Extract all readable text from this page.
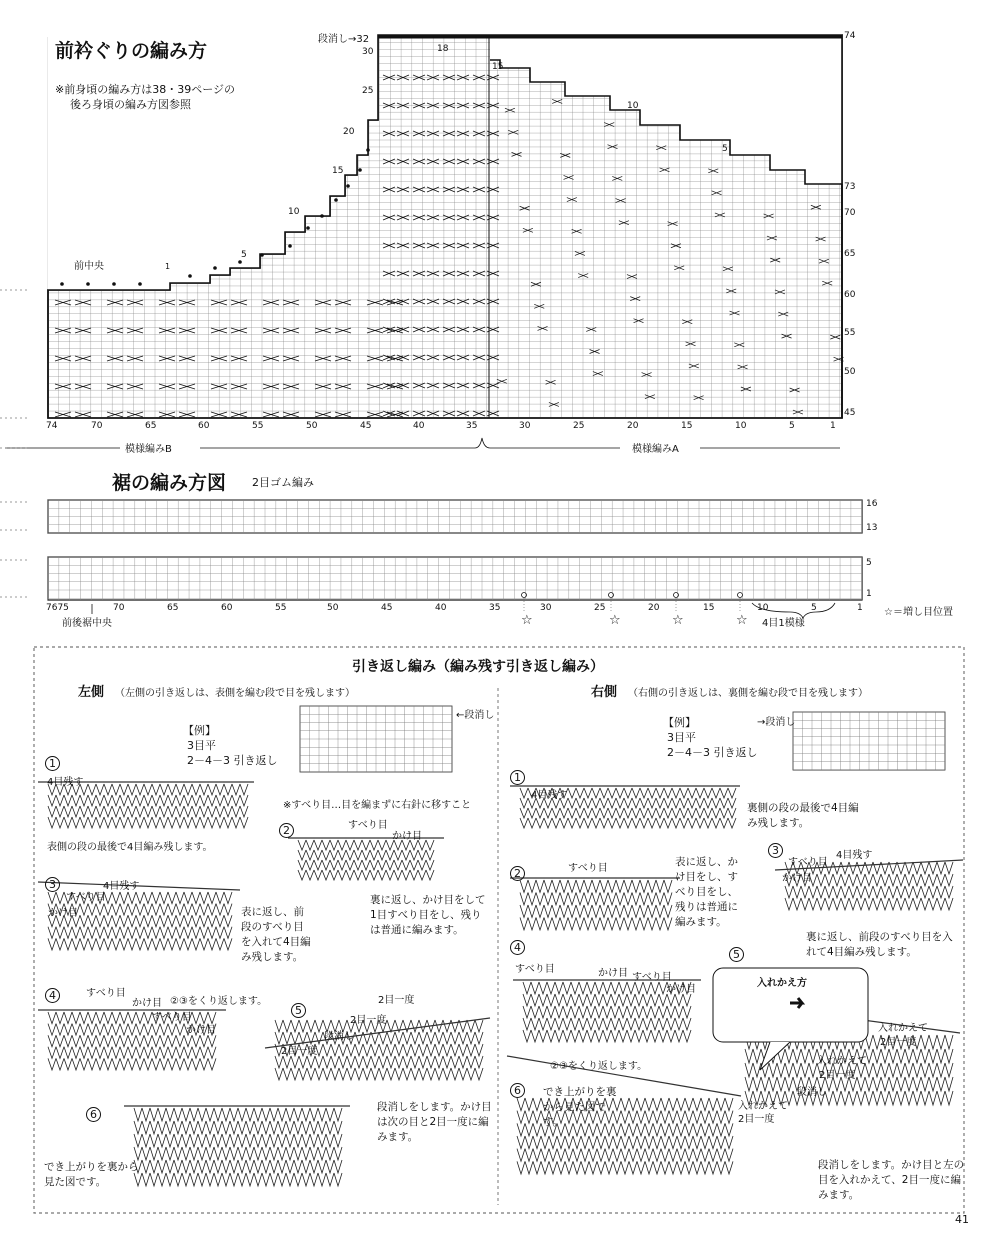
前衿ぐりの編み方
※前身頃の編み方は38・39ページの
後ろ身頃の編み方図参照
前中央
段消し→32
模様編みB	模様編みA
1
30
25
20
15
10
5
18
15
10
5
74
73
70
65
60
55
50
45
74	70	65	60	55	50	45	40	35	30	25	20	15	10	5	1
裾の編み方図 2目ゴム編み
16
13
5
1
7675	70	65	60	55	50	45	40	35	30	25	20	15	10	5	1
前後裾中央	4目1模様
☆＝増し目位置
☆	☆	☆	☆
引き返し編み（編み残す引き返し編み）
左側 （左側の引き返しは、表側を編む段で目を残します）
【例】
3目平
2－4－3 引き返し
←段消し
※すべり目…目を編まずに右針に移すこと
1
4目残す
表側の段の最後で4目編み残します。
2	すべり目
かけ目
裏に返し、かけ目をして1目すべり目をし、残りは普通に編みます。
3	4目残す
すべり目
かけ目	表に返し、前段のすべり目を入れて4目編み残します。
4	すべり目
かけ目 ②③をくり返します。
すべり目
かけ目
5
2目一度
2目一度
段消し
2目一度
段消しをします。かけ目は次の目と2目一度に編みます。
6
でき上がりを裏から見た図です。
右側 （右側の引き返しは、裏側を編む段で目を残します）
【例】
3目平
2－4－3 引き返し
→段消し
1
4目残す
裏側の段の最後で4目編み残します。
2	すべり目
表に返し、かけ目をし、すべり目をし、残りは普通に編みます。
3
すべり目
4目残す
かけ目
裏に返し、前段のすべり目を入れて4目編み残します。
4
すべり目	かけ目 すべり目
かけ目
②③をくり返します。
5
入れかえ方
入れかえて
2目一度
入れかえて
2目一度
段消し
入れかえて
2目一度
段消しをします。かけ目と左の目を入れかえて、2目一度に編みます。
6	でき上がりを裏から見た図です。
41
